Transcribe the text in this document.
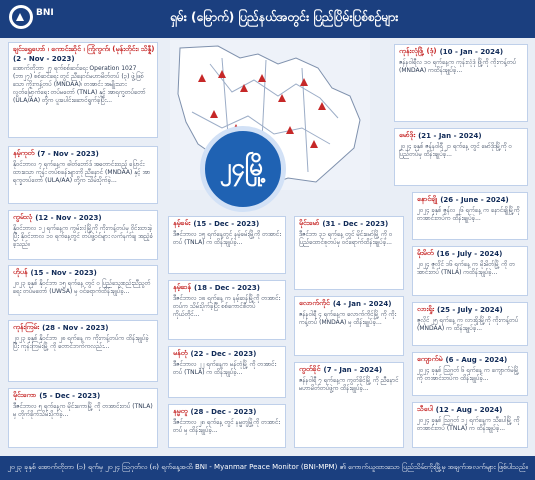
BNI	ရှမ်း (မြောက်) ပြည်နယ်အတွင်း ပြည်ပြိမ်းပြစ်စဉ်များ
၂၄မြို့
ချင်းရွှေဟော် ၊ ကောင်းဆိုင် ၊ ကြုံကွက်၊ (မုန်းတိုင်း၊ သိန္နီ)
(2 - Nov - 2023)
အောက်တိုဘာ ၂၇ ရက်စစ်ဆင်ရေး Operation 1027 (ဘာ၂၇) စစ်ဆင်ရေး တွင် ညီနောင်မဟာမိတ်တပ် (၃) ဖွဲ့ဖြစ်သော ကိုးကန့်တပ် (MNDAA)၊ တအာင်း အမျိုးသားလွတ်မြောက်ရေး တပ်မတော် (TNLA) နှင့် အာရက္ခတပ်တော် (ULA/AA) တို့က ပူးပေါင်းဆောင်ရွက်ခဲ့ပြီး...
နမ့်ကုတ် (7 - Nov - 2023)
နိုဝင်ဘာလ ၇ ရက်နေ့က ဓါတ်ဘော်ဒ် အတောင်းထည့် ပြောင်းထားသော ကုန်း တပ်စခန်းများကို ညီနောင် (MNDAA) နှင့် အာရက္ခတပ်တော် (ULA/AA) တို့က သိမ်းပိုက်ခဲ့...
ကွမ်းလုံ (12 - Nov - 2023)
နိုဝင်ဘာလ ၁၂ ရက်နေ့က ကွမ်းလုံမြို့ကို ကိုးကန့်တပ်မှ ဝိုင်းထားခဲ့ပြီး နိုဝင်ဘာလ ၁၀ ရက်နေ့တွင် တပ်ဖွဲ့ဝင်များ လက်နက်ချ အညံ့ခံခဲ့သည်။
ဟိုပန် (15 - Nov - 2023)
၂၀၂၃ ခုနှစ် နိုဝင်ဘာ ၁၅ ရက်နေ့ တွင် ဝ ပြည်သွေးစည်းညီညွတ်ရေး တပ်မတော် (UWSA) မှ ဝင်ရောက်ထိန်းချုပ်ခဲ့...
ကုန်းကြမ်း (28 - Nov - 2023)
၂၀၂၃ ခုနှစ် နိုဝင်ဘာ ၂၈ ရက်နေ့ က ကိုးကန့်တပ်က ထိန်းချုပ်ခဲ့ပြီး ကုန်းကြမ်းမြို့ ကို တောင်ဘက်ကလည်း...
မိုင်းကော (5 - Dec - 2023)
ဒီဇင်ဘာလ ၅ ရက်နေ့က မိုင်းကောမြို့ ကို တအာင်းတပ် (TNLA) မှ တိုက်ခိုက်သိမ်းပိုက်ခဲ့...
နမ့်ခမ်း (15 - Dec - 2023)
ဒီဇင်ဘာလ ၁၅ ရက်နေ့တွင် နမ့်ခမ်းမြို့ကို တအာင်းတပ် (TNLA) က ထိန်းချုပ်ခဲ့...
နမ့်ဆန် (18 - Dec - 2023)
ဒီဇင်ဘာလ ၁၈ ရက်နေ့ က နမ့်ဆန်မြို့ကို တအာင်းတပ်က သိမ်းပိုက်ခဲ့ပြီး စစ်ကောင်စီတပ် ကိုယ်တိုင်...
မန်တုံ (22 - Dec - 2023)
ဒီဇင်ဘာလ ၂၂ ရက်နေ့က မန်တုံမြို့ ကို တအာင်းတပ် (TNLA) က ထိန်းချုပ်ခဲ့...
နမ္မတူ (28 - Dec - 2023)
ဒီဇင်ဘာလ ၂၈ ရက်နေ့ တွင် နမ္မတူမြို့ကို တအာင်းတပ် မှ ထိန်းချုပ်ခဲ့...
မိုင်းမော် (31 - Dec - 2023)
ဒီဇင်ဘာ ၃၁ ရက်နေ့ တွင် မိုင်းမော်မြို့ ကို ဝ ပြည်ထောင်စုတပ်မှ ဝင်ရောက်ထိန်းချုပ်ခဲ့...
လောက်ကိုင် (4 - Jan - 2024)
ဇန်နဝါရီ ၄ ရက်နေ့က လောက်ကိုင်မြို့ ကို ကိုးကန့်တပ် (MNDAA) မှ ထိန်းချုပ်ခဲ့...
ကွတ်ခိုင် (7 - Jan - 2024)
ဇန်နဝါရီ ၇ ရက်နေ့က ကွတ်ခိုင်မြို့ ကို ညီနောင်မဟာမိတ်တပ်ဖွဲ့က ထိန်းချုပ်ခဲ့...
ကုန်းလုံဖြို့ (ဒုံ) (10 - Jan - 2024)
ဇန်နဝါရီလ ၁၀ ရက်နေ့က ကုန်းလုံဒုံ ဖြို့ကို ကိုးကန့်တပ် (MNDAA) ကထိန်းချုပ်ခဲ့...
မော်ဒိုး (21 - Jan - 2024)
၂၀၂၄ ခုနှစ် ဇန်နဝါရီ ၂၁ ရက်နေ့ တွင် မော်ဒိုးမြို့ကို ဝ ပြည်တပ်မှ ထိန်းချုပ်ခဲ့...
နောင်ချို (26 - June - 2024)
၂၀၂၄ ခုနှစ် ဇွန်လ ၂၆ ရက်နေ့ က နောင်ချိုမြို့ကို တအာင်းတပ်က ထိန်းချုပ်ခဲ့...
မိုးမိတ် (16 - July - 2024)
၂၀၂၄ ဇူလိုင် ၁၆ ရက်နေ့ က မိုးမိတ်မြို့ ကို တအာင်းတပ် (TNLA) ကထိန်းချုပ်ခဲ့...
လားရှိုး (25 - July - 2024)
ဇူလိုင် ၂၅ ရက်နေ့ က လားရှိုးမြို့ကို ကိုးကန့်တပ် (MNDAA) က ထိန်းချုပ်ခဲ့...
ကျောက်မဲ (6 - Aug - 2024)
၂၀၂၄ ခုနှစ် ဩဂုတ် ၆ ရက်နေ့ က ကျောက်မဲမြို့ ကို တအာင်းတပ်က ထိန်းချုပ်ခဲ့...
သီပေါ (12 - Aug - 2024)
၂၀၂၄ ခုနှစ် ဩဂုတ် ၁၂ ရက်နေ့က သီပေါမြို့ ကို တအာင်းတပ် (TNLA) က ထိန်းချုပ်ခဲ့...
၂၀၂၃ ခုနှစ် အောက်တိုဘာ (၁) ရက်မှ ၂၀၂၄ ဩဂုတ်လ (၈) ရက်နေ့အထိ BNI - Myanmar Peace Monitor (BNI-MPM) ၏ ကောက်ယူထားသော ပြည်သိမ်းကိုးမြို့မှ အချက်အလက်များ ဖြစ်ပါသည်။
